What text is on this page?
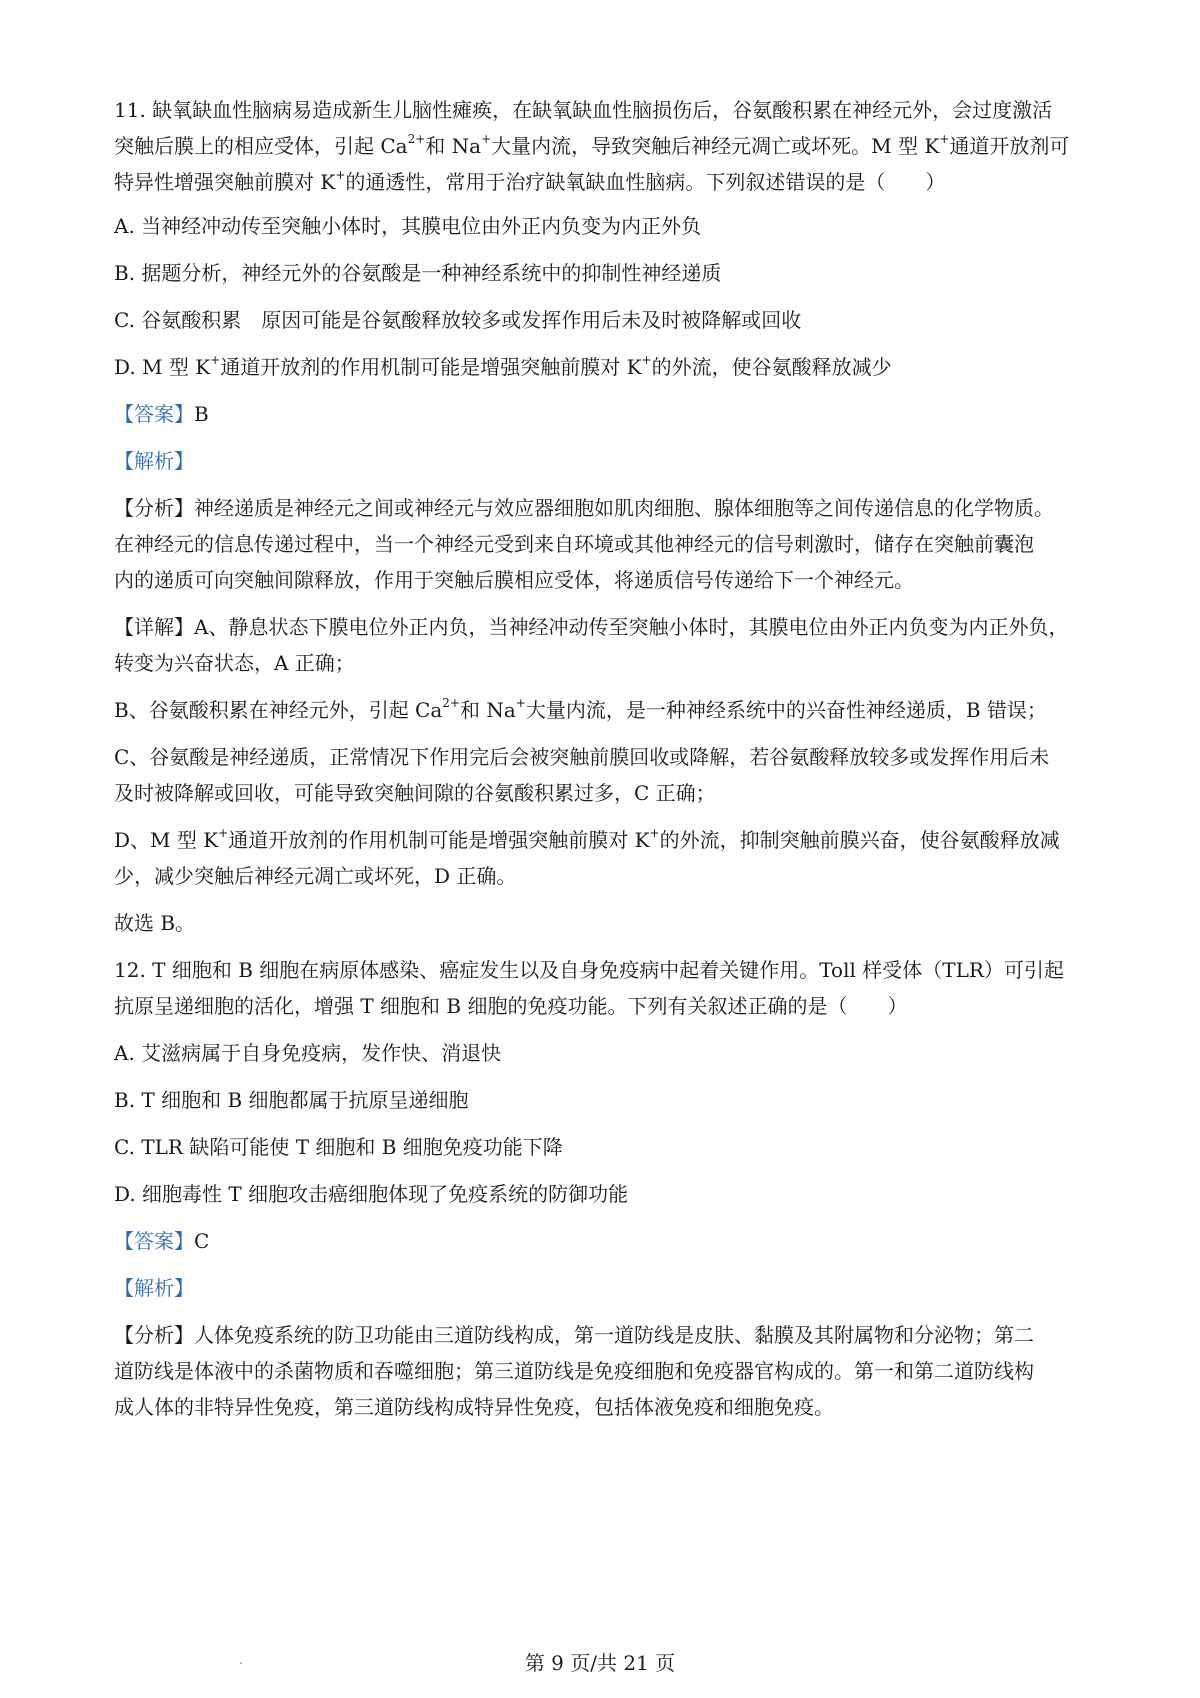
11. 缺氧缺血性脑病易造成新生儿脑性瘫痪，在缺氧缺血性脑损伤后，谷氨酸积累在神经元外，会过度激活
突触后膜上的相应受体，引起 $Ca^{2+}$和 Na+大量内流，导致突触后神经元凋亡或坏死。M 型 K+通道开放剂可
特异性增强突触前膜对 K+的通透性，常用于治疗缺氧缺血性脑病。下列叙述错误的是（　　）
A. 当神经冲动传至突触小体时，其膜电位由外正内负变为内正外负
B. 据题分析，神经元外的谷氨酸是一种神经系统中的抑制性神经递质
C. 谷氨酸积累　原因可能是谷氨酸释放较多或发挥作用后未及时被降解或回收
D. M 型 K+通道开放剂的作用机制可能是增强突触前膜对 K+的外流，使谷氨酸释放减少
【答案】B
【解析】
【分析】神经递质是神经元之间或神经元与效应器细胞如肌肉细胞、腺体细胞等之间传递信息的化学物质。
在神经元的信息传递过程中，当一个神经元受到来自环境或其他神经元的信号刺激时，储存在突触前囊泡
内的递质可向突触间隙释放，作用于突触后膜相应受体，将递质信号传递给下一个神经元。
【详解】A、静息状态下膜电位外正内负，当神经冲动传至突触小体时，其膜电位由外正内负变为内正外负，
转变为兴奋状态，A 正确；
B、谷氨酸积累在神经元外，引起 $Ca^{2+}$和 Na+大量内流，是一种神经系统中的兴奋性神经递质，B 错误；
C、谷氨酸是神经递质，正常情况下作用完后会被突触前膜回收或降解，若谷氨酸释放较多或发挥作用后未
及时被降解或回收，可能导致突触间隙的谷氨酸积累过多，C 正确；
D、M 型 K+通道开放剂的作用机制可能是增强突触前膜对 K+的外流，抑制突触前膜兴奋，使谷氨酸释放减
少，减少突触后神经元凋亡或坏死，D 正确。
故选 B。
12. T 细胞和 B 细胞在病原体感染、癌症发生以及自身免疫病中起着关键作用。Toll 样受体（TLR）可引起
抗原呈递细胞的活化，增强 T 细胞和 B 细胞的免疫功能。下列有关叙述正确的是（　　）
A. 艾滋病属于自身免疫病，发作快、消退快
B. T 细胞和 B 细胞都属于抗原呈递细胞
C. TLR 缺陷可能使 T 细胞和 B 细胞免疫功能下降
D. 细胞毒性 T 细胞攻击癌细胞体现了免疫系统的防御功能
【答案】C
【解析】
【分析】人体免疫系统的防卫功能由三道防线构成，第一道防线是皮肤、黏膜及其附属物和分泌物；第二
道防线是体液中的杀菌物质和吞噬细胞；第三道防线是免疫细胞和免疫器官构成的。第一和第二道防线构
成人体的非特异性免疫，第三道防线构成特异性免疫，包括体液免疫和细胞免疫。
第 9 页/共 21 页
